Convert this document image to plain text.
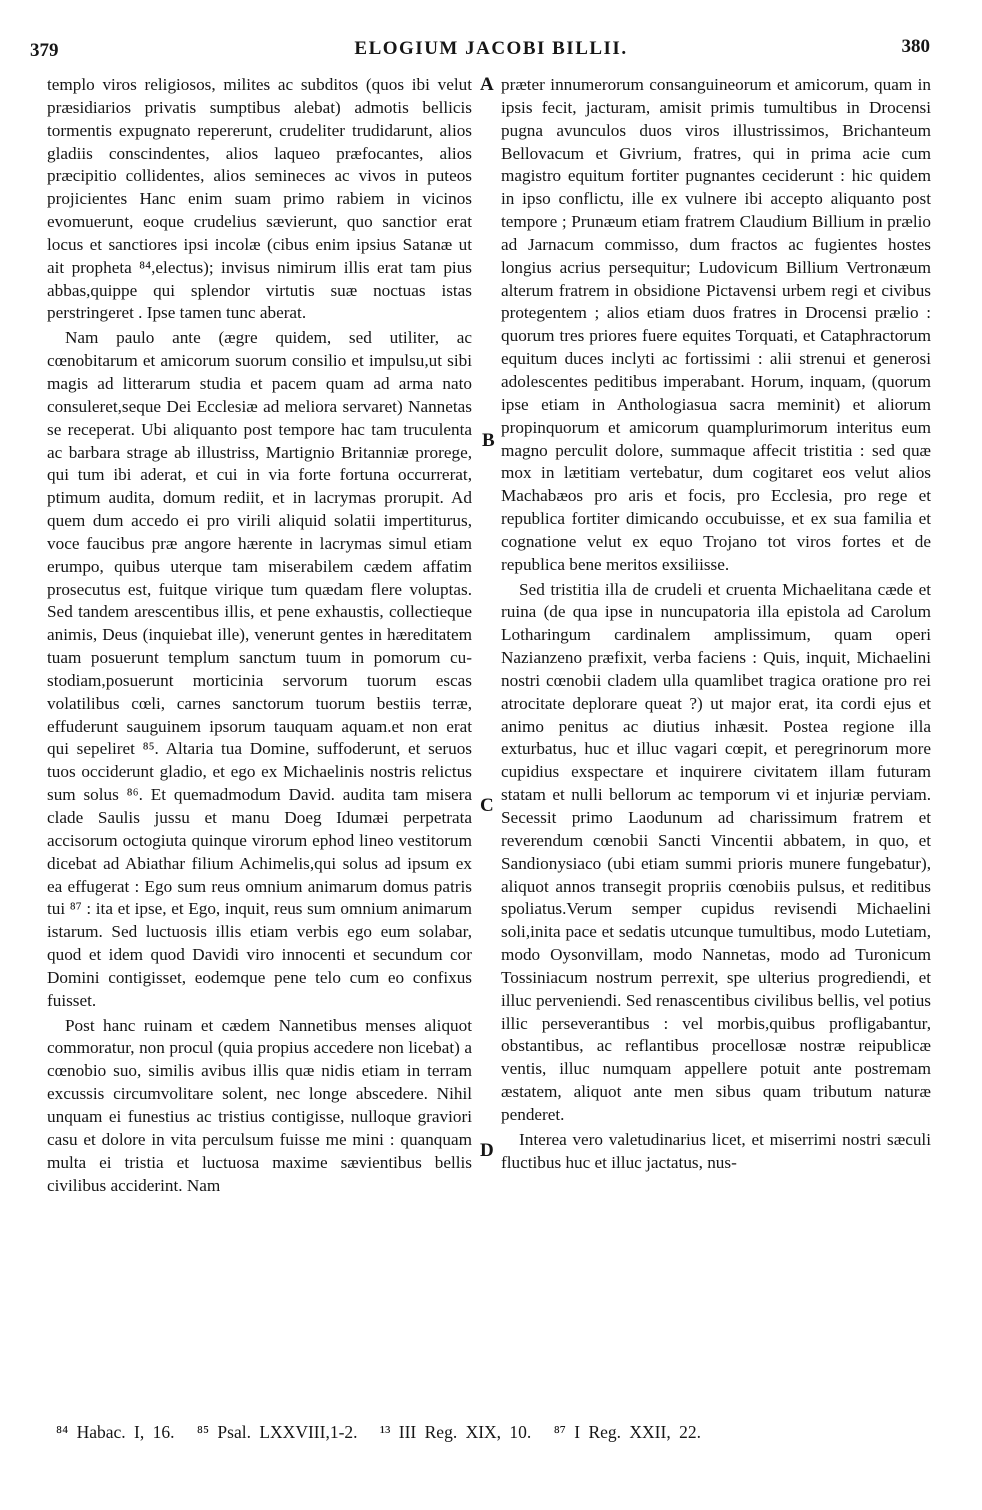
379	ELOGIUM JACOBI BILLII.	380

templo viros religiosos, milites ac subditos (quos ibi velut præsidiarios privatis sumptibus alebat) admotis bellicis tormentis expugnato repererunt, crudeliter trudidarunt, alios gladiis conscindentes, alios laqueo præfocantes, alios præcipitio collidentes, alios semineces ac vivos in puteos projicientes Hanc enim suam primo rabiem in vicinos evomuerunt, eoque crudelius sævierunt, quo sanctior erat locus et sanctiores ipsi incolæ (cibus enim ipsius Satanæ ut ait propheta ⁸⁴,electus); invisus nimirum illis erat tam pius abbas,quippe qui splendor virtutis suæ noctuas istas perstringeret . Ipse tamen tunc aberat.

Nam paulo ante (ægre quidem, sed utiliter, ac cœnobitarum et amicorum suorum consilio et impulsu,ut sibi magis ad litterarum studia et pacem quam ad arma nato consuleret,seque Dei Ecclesiæ ad meliora servaret) Nannetas se receperat. Ubi aliquanto post tempore hac tam truculenta ac barbara strage ab illustriss, Martignio Britanniæ prorege, qui tum ibi aderat, et cui in via forte fortuna occurrerat, ptimum audita, domum rediit, et in lacrymas prorupit. Ad quem dum accedo ei pro virili aliquid solatii impertiturus, voce faucibus præ angore hærente in lacrymas simul etiam erumpo, quibus uterque tam miserabilem cædem affatim prosecutus est, fuitque virique tum quædam flere voluptas. Sed tandem arescentibus illis, et pene exhaustis, collectieque animis, Deus (inquiebat ille), venerunt gentes in hæreditatem tuam posuerunt templum sanctum tuum in pomorum custodiam,posuerunt morticinia servorum tuorum escas volatilibus cœli, carnes sanctorum tuorum bestiis terræ, effuderunt sauguinem ipsorum tauquam aquam.et non erat qui sepeliret ⁸⁵. Altaria tua Domine, suffoderunt, et seruos tuos occiderunt gladio, et ego ex Michaelinis nostris relictus sum solus ⁸⁶. Et quemadmodum David. audita tam misera clade Saulis jussu et manu Doeg Idumæi perpetrata accisorum octogiuta quinque virorum ephod lineo vestitorum dicebat ad Abiathar filium Achimelis,qui solus ad ipsum ex ea effugerat : Ego sum reus omnium animarum domus patris tui ⁸⁷ : ita et ipse, et Ego, inquit, reus sum omnium animarum istarum. Sed luctuosis illis etiam verbis ego eum solabar, quod et idem quod Davidi viro innocenti et secundum cor Domini contigisset, eodemque pene telo cum eo confixus fuisset.

Post hanc ruinam et cædem Nannetibus menses aliquot commoratur, non procul (quia propius accedere non licebat) a cœnobio suo, similis avibus illis quæ nidis etiam in terram excussis circumvolitare solent, nec longe abscedere. Nihil unquam ei funestius ac tristius contigisse, nulloque graviori casu et dolore in vita perculsum fuisse me mini : quanquam multa ei tristia et luctuosa maxime sævientibus bellis civilibus acciderint. Nam

A
B
C
D

præter innumerorum consanguineorum et amicorum, quam in ipsis fecit, jacturam, amisit primis tumultibus in Drocensi pugna avunculos duos viros illustrissimos, Brichanteum Bellovacum et Givrium, fratres, qui in prima acie cum magistro equitum fortiter pugnantes ceciderunt : hic quidem in ipso conflictu, ille ex vulnere ibi accepto aliquanto post tempore ; Prunæum etiam fratrem Claudium Billium in prælio ad Jarnacum commisso, dum fractos ac fugientes hostes longius acrius persequitur; Ludovicum Billium Vertronæum alterum fratrem in obsidione Pictavensi urbem regi et civibus protegentem ; alios etiam duos fratres in Drocensi prælio : quorum tres priores fuere equites Torquati, et Cataphractorum equitum duces inclyti ac fortissimi : alii strenui et generosi adolescentes peditibus imperabant. Horum, inquam, (quorum ipse etiam in Anthologiasua sacra meminit) et aliorum propinquorum et amicorum quamplurimorum interitus eum magno perculit dolore, summaque affecit tristitia : sed quæ mox in lætitiam vertebatur, dum cogitaret eos velut alios Machabæos pro aris et focis, pro Ecclesia, pro rege et republica fortiter dimicando occubuisse, et ex sua familia et cognatione velut ex equo Trojano tot viros fortes et de republica bene meritos exsiliisse.

Sed tristitia illa de crudeli et cruenta Michaelitana cæde et ruina (de qua ipse in nuncupatoria illa epistola ad Carolum Lotharingum cardinalem amplissimum, quam operi Nazianzeno præfixit, verba faciens : Quis, inquit, Michaelini nostri cœnobii cladem ulla quamlibet tragica oratione pro rei atrocitate deplorare queat ?) ut major erat, ita cordi ejus et animo penitus ac diutius inhæsit. Postea regione illa exturbatus, huc et illuc vagari cœpit, et peregrinorum more cupidius exspectare et inquirere civitatem illam futuram statam et nulli bellorum ac temporum vi et injuriæ perviam. Secessit primo Laodunum ad charissimum fratrem et reverendum cœnobii Sancti Vincentii abbatem, in quo, et Sandionysiaco (ubi etiam summi prioris munere fungebatur), aliquot annos transegit propriis cœnobiis pulsus, et reditibus spoliatus.Verum semper cupidus revisendi Michaelini soli,inita pace et sedatis utcunque tumultibus, modo Lutetiam, modo Oysonvillam, modo Nannetas, modo ad Turonicum Tossiniacum nostrum perrexit, spe ulterius progrediendi, et illuc perveniendi. Sed renascentibus civilibus bellis, vel potius illic perseverantibus : vel morbis,quibus profligabantur, obstantibus, ac reflantibus procellosæ nostræ reipublicæ ventis, illuc numquam appellere potuit ante postremam æstatem, aliquot ante men sibus quam tributum naturæ penderet.

Interea vero valetudinarius licet, et miserrimi nostri sæculi fluctibus huc et illuc jactatus, nus-

⁸⁴ Habac. I, 16. ⁸⁵ Psal. LXXVIII,1-2. ¹³ III Reg. XIX, 10. ⁸⁷ I Reg. XXII, 22.
